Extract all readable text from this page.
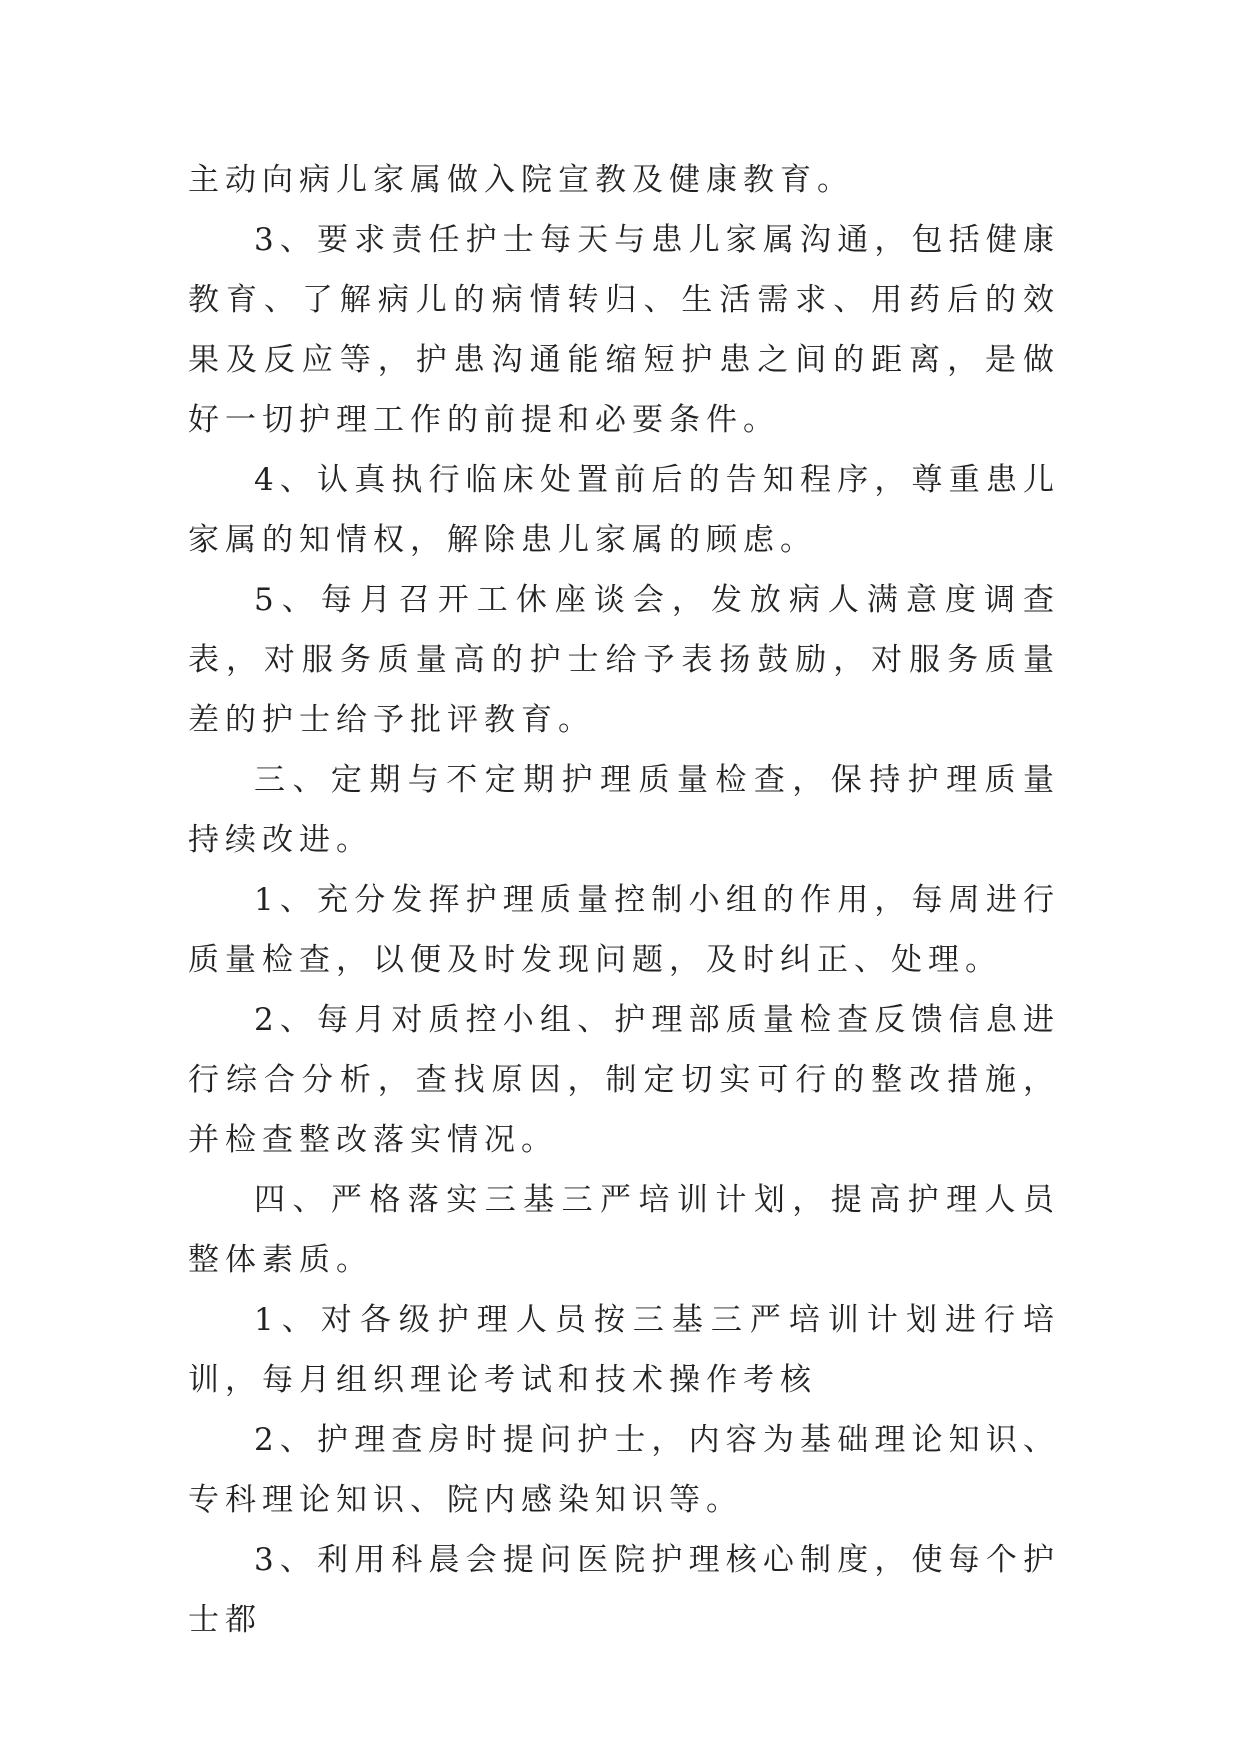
主动向病儿家属做入院宣教及健康教育。

3、要求责任护士每天与患儿家属沟通，包括健康教育、了解病儿的病情转归、生活需求、用药后的效果及反应等，护患沟通能缩短护患之间的距离，是做好一切护理工作的前提和必要条件。

4、认真执行临床处置前后的告知程序，尊重患儿家属的知情权，解除患儿家属的顾虑。

5、每月召开工休座谈会，发放病人满意度调查表，对服务质量高的护士给予表扬鼓励，对服务质量差的护士给予批评教育。

三、定期与不定期护理质量检查，保持护理质量持续改进。

1、充分发挥护理质量控制小组的作用，每周进行质量检查，以便及时发现问题，及时纠正、处理。

2、每月对质控小组、护理部质量检查反馈信息进行综合分析，查找原因，制定切实可行的整改措施，并检查整改落实情况。

四、严格落实三基三严培训计划，提高护理人员整体素质。

1、对各级护理人员按三基三严培训计划进行培训，每月组织理论考试和技术操作考核

2、护理查房时提问护士，内容为基础理论知识、专科理论知识、院内感染知识等。

3、利用科晨会提问医院护理核心制度，使每个护士都
